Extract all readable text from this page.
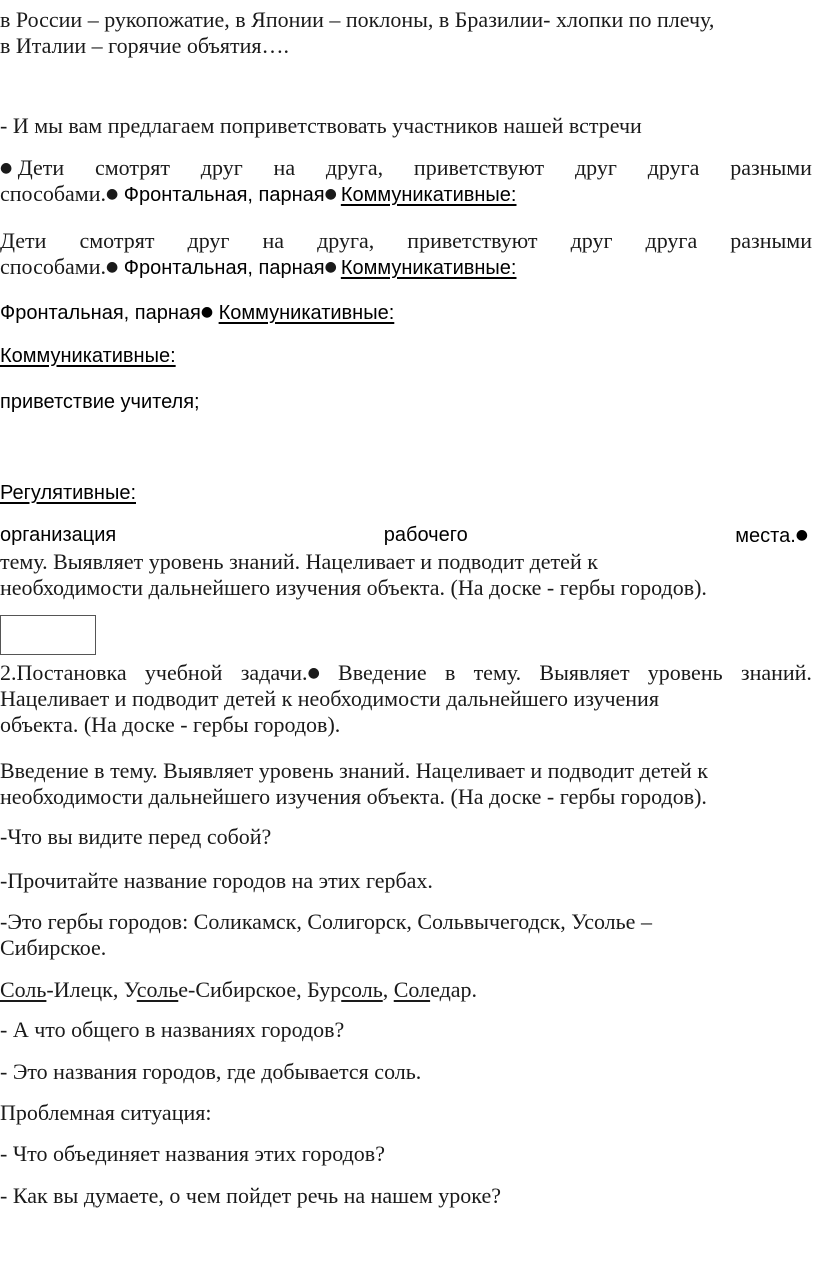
в России – рукопожатие, в Японии – поклоны, в Бразилии- хлопки по плечу,
в Италии – горячие объятия….

- И мы вам предлагаем поприветствовать участников нашей встречи

● Дети смотрят друг на друга, приветствуют друг друга разными
способами.● Фронтальная, парная● Коммуникативные:
Дети смотрят друг на друга, приветствуют друг друга разными
способами.● Фронтальная, парная● Коммуникативные:

Фронтальная, парная● Коммуникативные:

Коммуникативные:

приветствие учителя;

Регулятивные:

организация	рабочего	места.●
тему. Выявляет уровень знаний. Нацеливает и подводит детей к
необходимости дальнейшего изучения объекта. (На доске - гербы городов).
2.Постановка учебной задачи.● Введение в тему. Выявляет уровень знаний.
Нацеливает и подводит детей к необходимости дальнейшего изучения
объекта. (На доске - гербы городов).

Введение в тему. Выявляет уровень знаний. Нацеливает и подводит детей к
необходимости дальнейшего изучения объекта. (На доске - гербы городов).

-Что вы видите перед собой?

-Прочитайте название городов на этих гербах.

-Это гербы городов: Соликамск, Солигорск, Сольвычегодск, Усолье –
Сибирское.

Соль-Илецк, Усолье-Сибирское, Бурсоль, Соледар.

- А что общего в названиях городов?

- Это названия городов, где добывается соль.

Проблемная ситуация:

- Что объединяет названия этих городов?

- Как вы думаете, о чем пойдет речь на нашем уроке?
